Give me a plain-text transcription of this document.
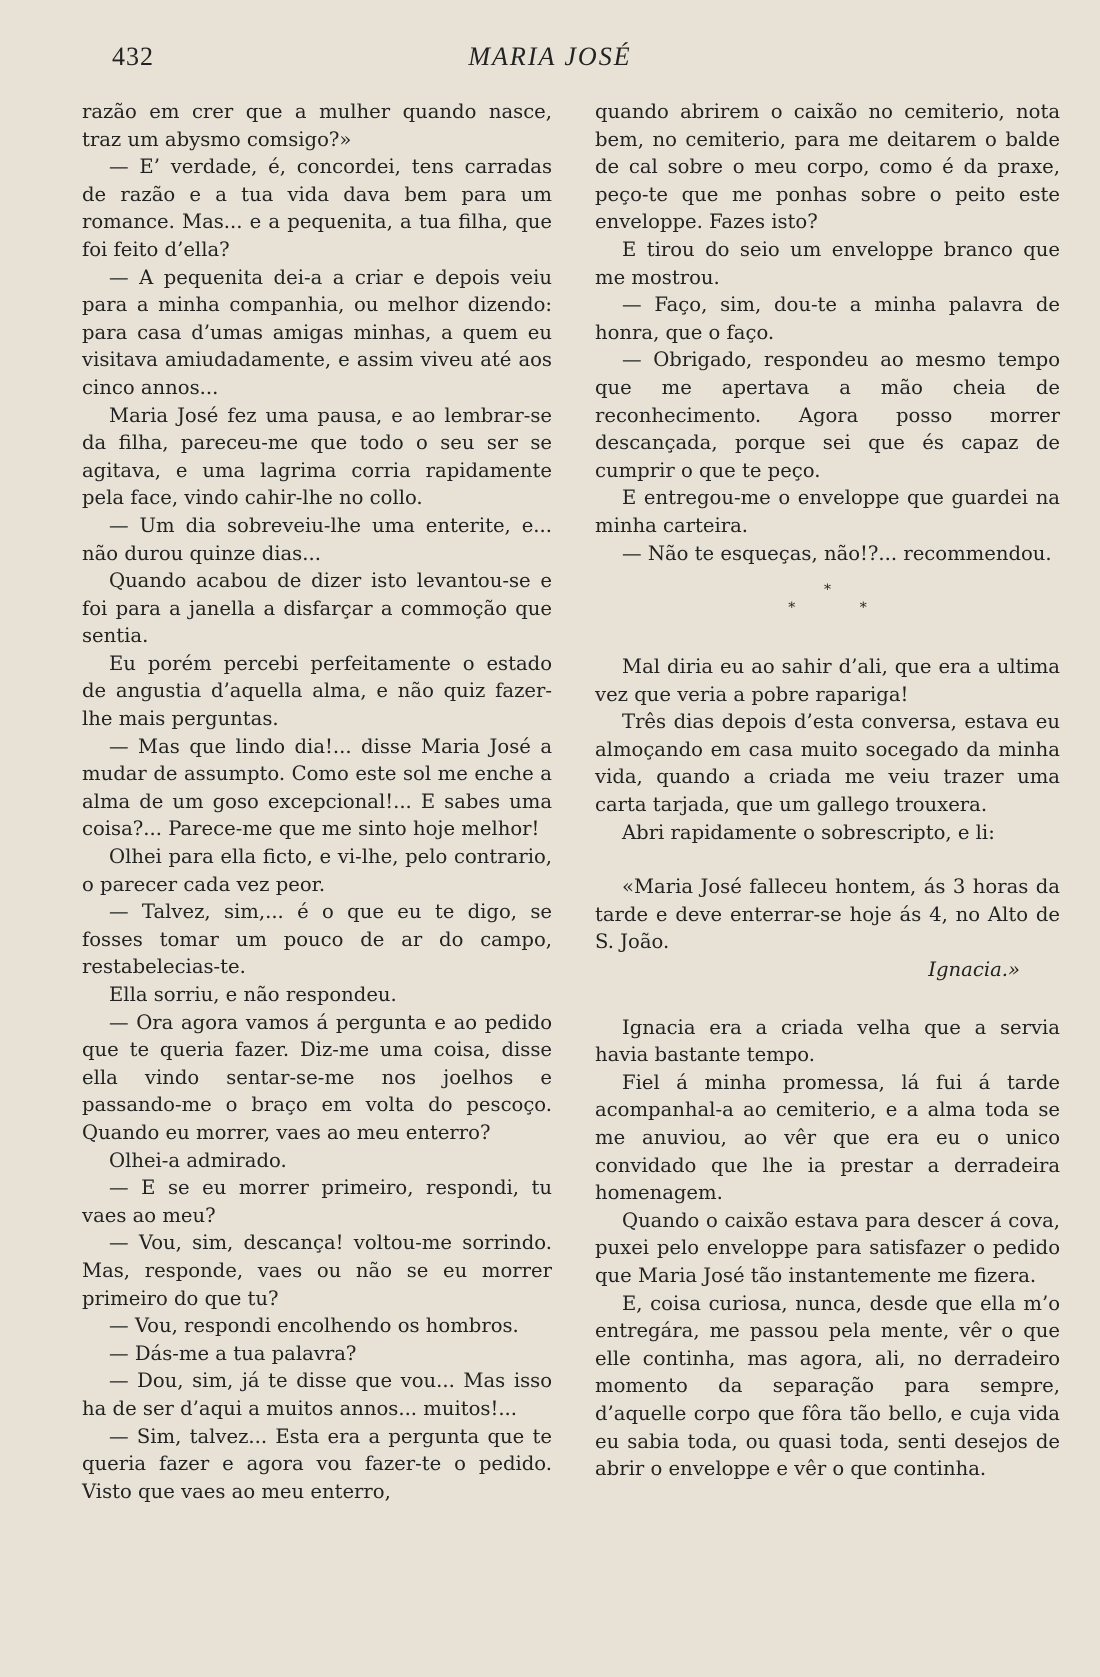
432	MARIA JOSÉ

razão em crer que a mulher quando nasce, traz um abysmo comsigo?»

— E’ verdade, é, concordei, tens carradas de razão e a tua vida dava bem para um romance. Mas... e a pequenita, a tua filha, que foi feito d’ella?

— A pequenita dei-a a criar e depois veiu para a minha companhia, ou melhor dizendo: para casa d’umas amigas minhas, a quem eu visitava amiudadamente, e assim viveu até aos cinco annos...

Maria José fez uma pausa, e ao lembrar-se da filha, pareceu-me que todo o seu ser se agitava, e uma lagrima corria rapidamente pela face, vindo cahir-lhe no collo.

— Um dia sobreveiu-lhe uma enterite, e... não durou quinze dias...

Quando acabou de dizer isto levantou-se e foi para a janella a disfarçar a commoção que sentia.

Eu porém percebi perfeitamente o estado de angustia d’aquella alma, e não quiz fazer-lhe mais perguntas.

— Mas que lindo dia!... disse Maria José a mudar de assumpto. Como este sol me enche a alma de um goso excepcional!... E sabes uma coisa?... Parece-me que me sinto hoje melhor!

Olhei para ella ficto, e vi-lhe, pelo contrario, o parecer cada vez peor.

— Talvez, sim,... é o que eu te digo, se fosses tomar um pouco de ar do campo, restabelecias-te.

Ella sorriu, e não respondeu.

— Ora agora vamos á pergunta e ao pedido que te queria fazer. Diz-me uma coisa, disse ella vindo sentar-se-me nos joelhos e passando-me o braço em volta do pescoço. Quando eu morrer, vaes ao meu enterro?

Olhei-a admirado.

— E se eu morrer primeiro, respondi, tu vaes ao meu?

— Vou, sim, descança! voltou-me sorrindo. Mas, responde, vaes ou não se eu morrer primeiro do que tu?

— Vou, respondi encolhendo os hombros.

— Dás-me a tua palavra?

— Dou, sim, já te disse que vou... Mas isso ha de ser d’aqui a muitos annos... muitos!...

— Sim, talvez... Esta era a pergunta que te queria fazer e agora vou fazer-te o pedido. Visto que vaes ao meu enterro,

quando abrirem o caixão no cemiterio, nota bem, no cemiterio, para me deitarem o balde de cal sobre o meu corpo, como é da praxe, peço-te que me ponhas sobre o peito este enveloppe. Fazes isto?

E tirou do seio um enveloppe branco que me mostrou.

— Faço, sim, dou-te a minha palavra de honra, que o faço.

— Obrigado, respondeu ao mesmo tempo que me apertava a mão cheia de reconhecimento. Agora posso morrer descançada, porque sei que és capaz de cumprir o que te peço.

E entregou-me o enveloppe que guardei na minha carteira.

— Não te esqueças, não!?... recommendou.

*
* *

Mal diria eu ao sahir d’ali, que era a ultima vez que veria a pobre rapariga!

Três dias depois d’esta conversa, estava eu almoçando em casa muito socegado da minha vida, quando a criada me veiu trazer uma carta tarjada, que um gallego trouxera.

Abri rapidamente o sobrescripto, e li:

«Maria José falleceu hontem, ás 3 horas da tarde e deve enterrar-se hoje ás 4, no Alto de S. João.

Ignacia.»

Ignacia era a criada velha que a servia havia bastante tempo.

Fiel á minha promessa, lá fui á tarde acompanhal-a ao cemiterio, e a alma toda se me anuviou, ao vêr que era eu o unico convidado que lhe ia prestar a derradeira homenagem.

Quando o caixão estava para descer á cova, puxei pelo enveloppe para satisfazer o pedido que Maria José tão instantemente me fizera.

E, coisa curiosa, nunca, desde que ella m’o entregára, me passou pela mente, vêr o que elle continha, mas agora, ali, no derradeiro momento da separação para sempre, d’aquelle corpo que fôra tão bello, e cuja vida eu sabia toda, ou quasi toda, senti desejos de abrir o enveloppe e vêr o que continha.
